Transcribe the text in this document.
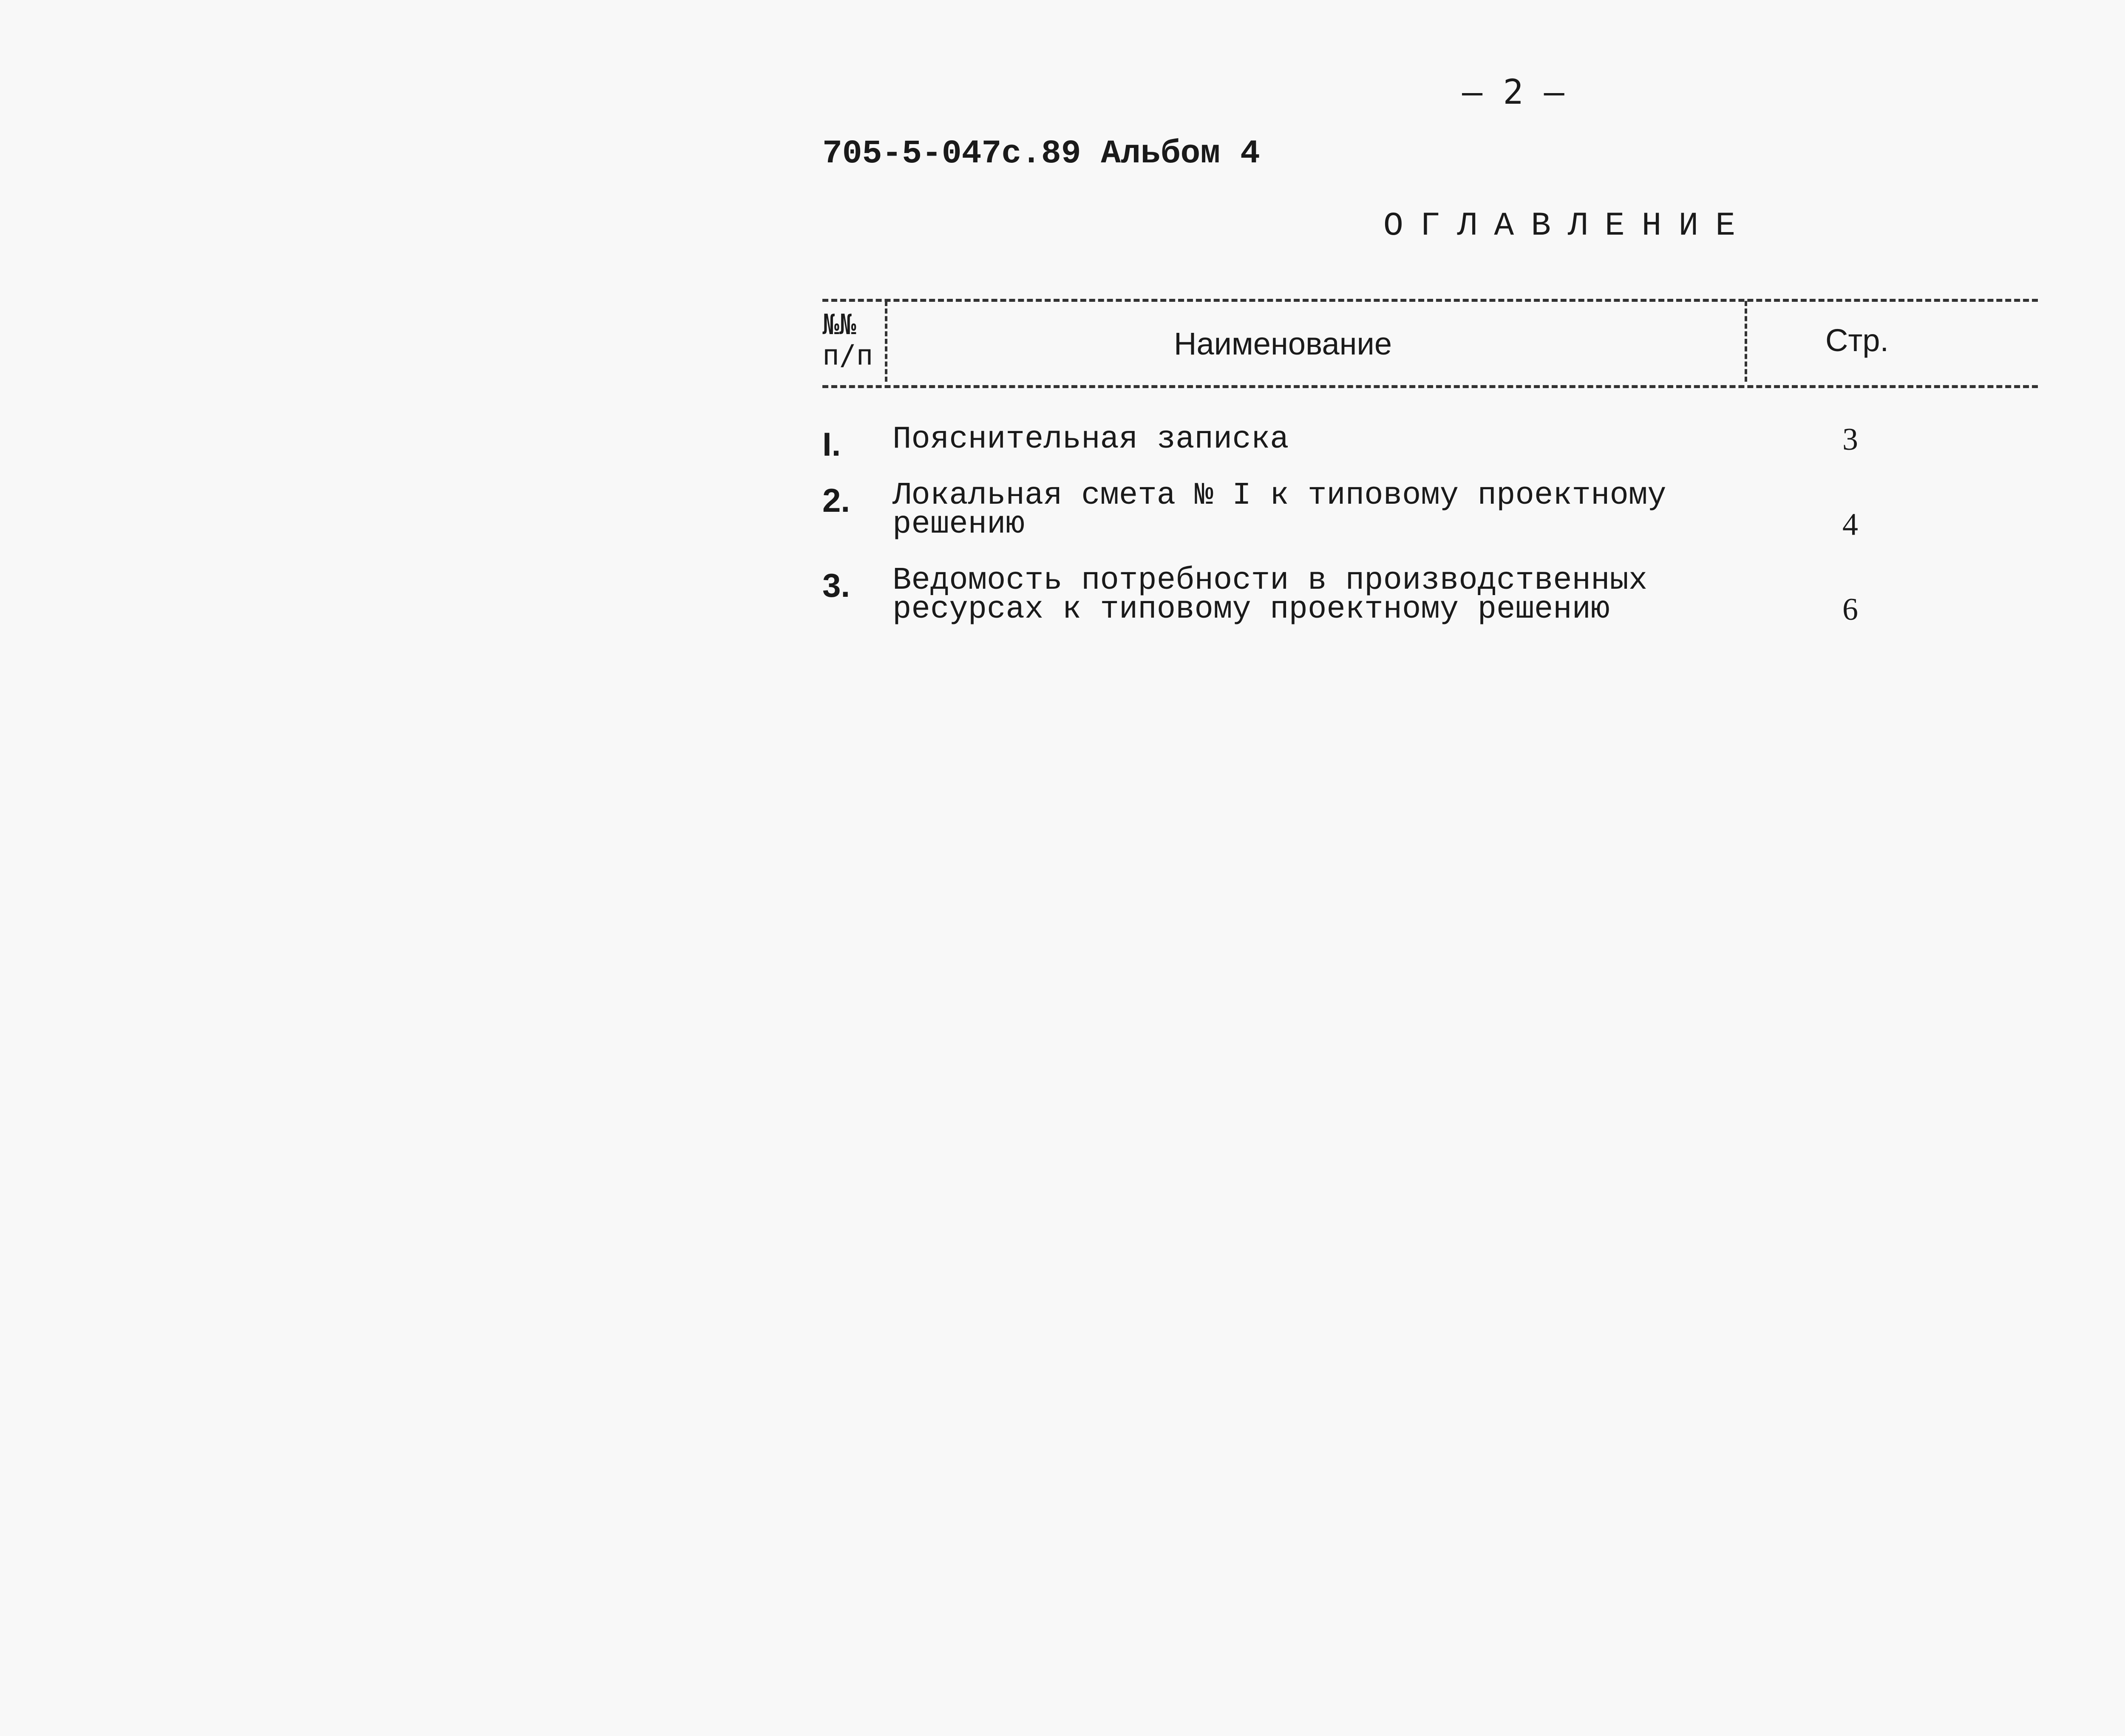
– 2 –
705-5-047с.89 Альбом 4
ОГЛАВЛЕНИЕ
№№
п/п	Наименование	Стр.
I. Пояснительная записка	3
2. Локальная смета № I к типовому проектному
решению	4
3. Ведомость потребности в производственных
ресурсах к типовому проектному решению	6
